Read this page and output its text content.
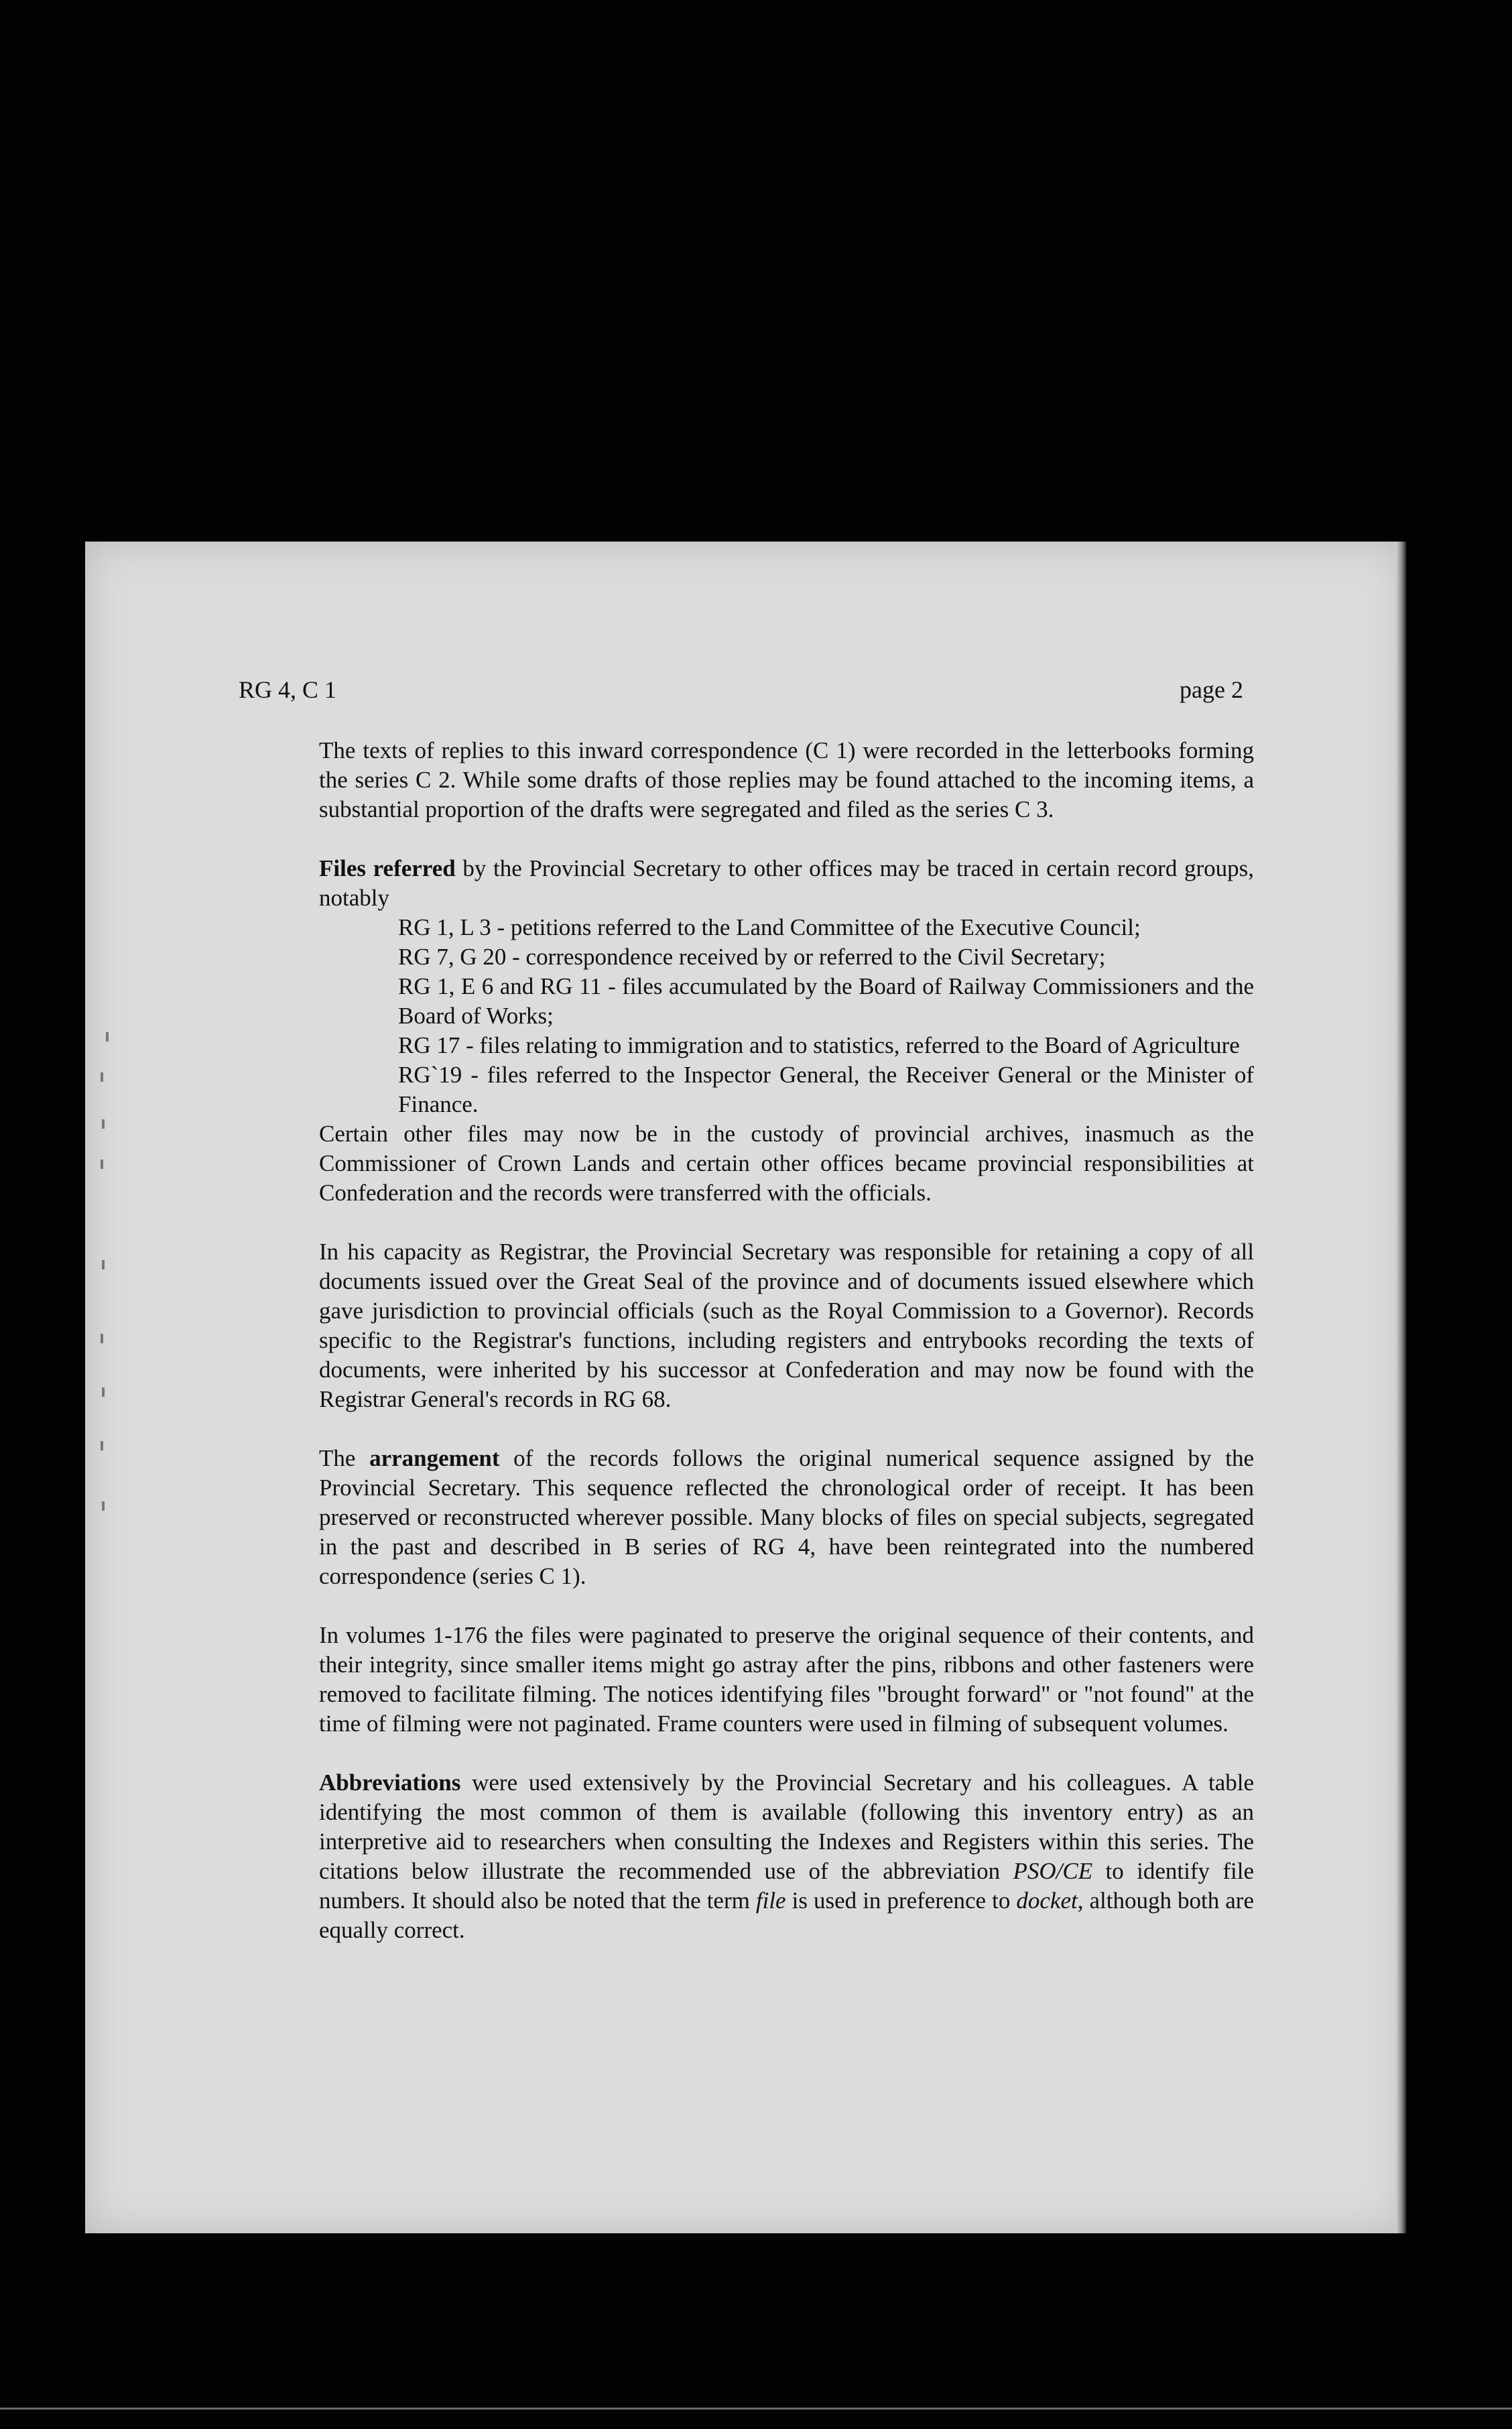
RG 4, C 1	page 2

The texts of replies to this inward correspondence (C 1) were recorded in the letterbooks forming the series C 2. While some drafts of those replies may be found attached to the incoming items, a substantial proportion of the drafts were segregated and filed as the series C 3.

Files referred by the Provincial Secretary to other offices may be traced in certain record groups, notably

RG 1, L 3 - petitions referred to the Land Committee of the Executive Council;
RG 7, G 20 - correspondence received by or referred to the Civil Secretary;
RG 1, E 6 and RG 11 - files accumulated by the Board of Railway Commissioners and the Board of Works;
RG 17 - files relating to immigration and to statistics, referred to the Board of Agriculture
RG`19 - files referred to the Inspector General, the Receiver General or the Minister of Finance.

Certain other files may now be in the custody of provincial archives, inasmuch as the Commissioner of Crown Lands and certain other offices became provincial responsibilities at Confederation and the records were transferred with the officials.

In his capacity as Registrar, the Provincial Secretary was responsible for retaining a copy of all documents issued over the Great Seal of the province and of documents issued elsewhere which gave jurisdiction to provincial officials (such as the Royal Commission to a Governor). Records specific to the Registrar's functions, including registers and entrybooks recording the texts of documents, were inherited by his successor at Confederation and may now be found with the Registrar General's records in RG 68.

The arrangement of the records follows the original numerical sequence assigned by the Provincial Secretary. This sequence reflected the chronological order of receipt. It has been preserved or reconstructed wherever possible. Many blocks of files on special subjects, segregated in the past and described in B series of RG 4, have been reintegrated into the numbered correspondence (series C 1).

In volumes 1-176 the files were paginated to preserve the original sequence of their contents, and their integrity, since smaller items might go astray after the pins, ribbons and other fasteners were removed to facilitate filming. The notices identifying files "brought forward" or "not found" at the time of filming were not paginated. Frame counters were used in filming of subsequent volumes.

Abbreviations were used extensively by the Provincial Secretary and his colleagues. A table identifying the most common of them is available (following this inventory entry) as an interpretive aid to researchers when consulting the Indexes and Registers within this series. The citations below illustrate the recommended use of the abbreviation PSO/CE to identify file numbers. It should also be noted that the term file is used in preference to docket, although both are equally correct.
